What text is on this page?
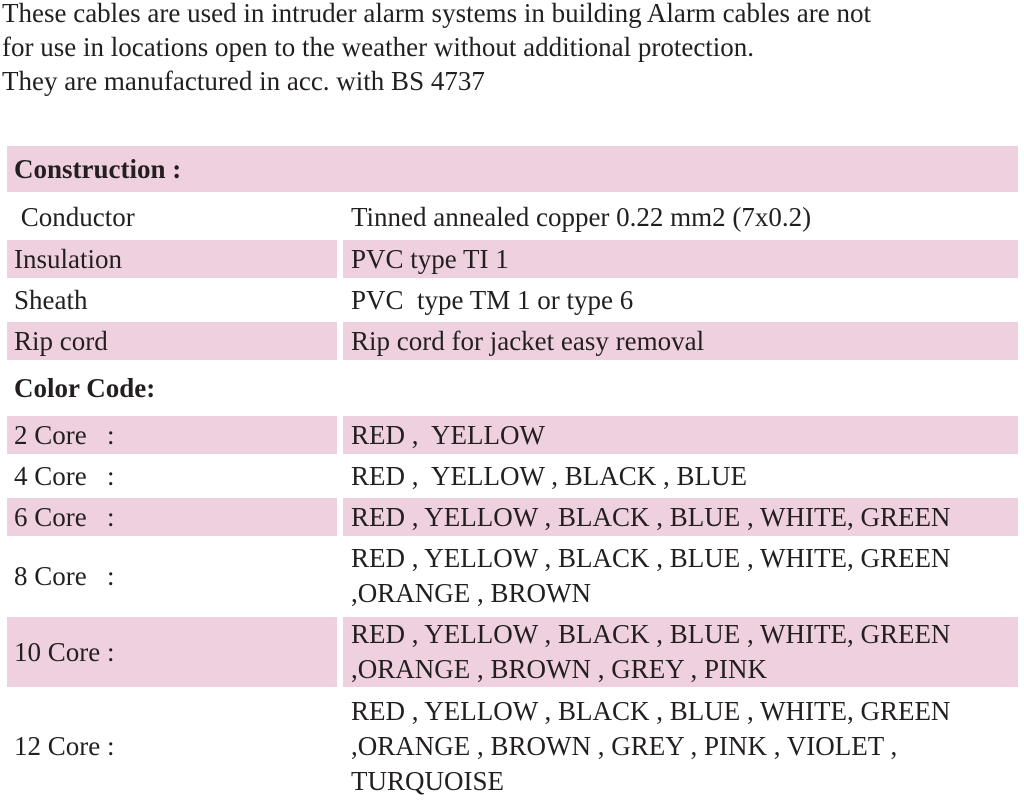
These cables are used in intruder alarm systems in building Alarm cables are not

for use in locations open to the weather without additional protection.

They are manufactured in acc. with BS 4737

Construction :
Conductor	Tinned annealed copper 0.22 mm2 (7x0.2)
Insulation	PVC type TI 1
Sheath	PVC  type TM 1 or type 6
Rip cord	Rip cord for jacket easy removal
Color Code:
2 Core   :	RED ,  YELLOW
4 Core   :	RED ,  YELLOW , BLACK , BLUE
6 Core   :	RED , YELLOW , BLACK , BLUE , WHITE, GREEN
8 Core   :
RED , YELLOW , BLACK , BLUE , WHITE, GREEN ,ORANGE , BROWN
10 Core :
RED , YELLOW , BLACK , BLUE , WHITE, GREEN ,ORANGE , BROWN , GREY , PINK
12 Core :
RED , YELLOW , BLACK , BLUE , WHITE, GREEN ,ORANGE , BROWN , GREY , PINK , VIOLET , TURQUOISE
